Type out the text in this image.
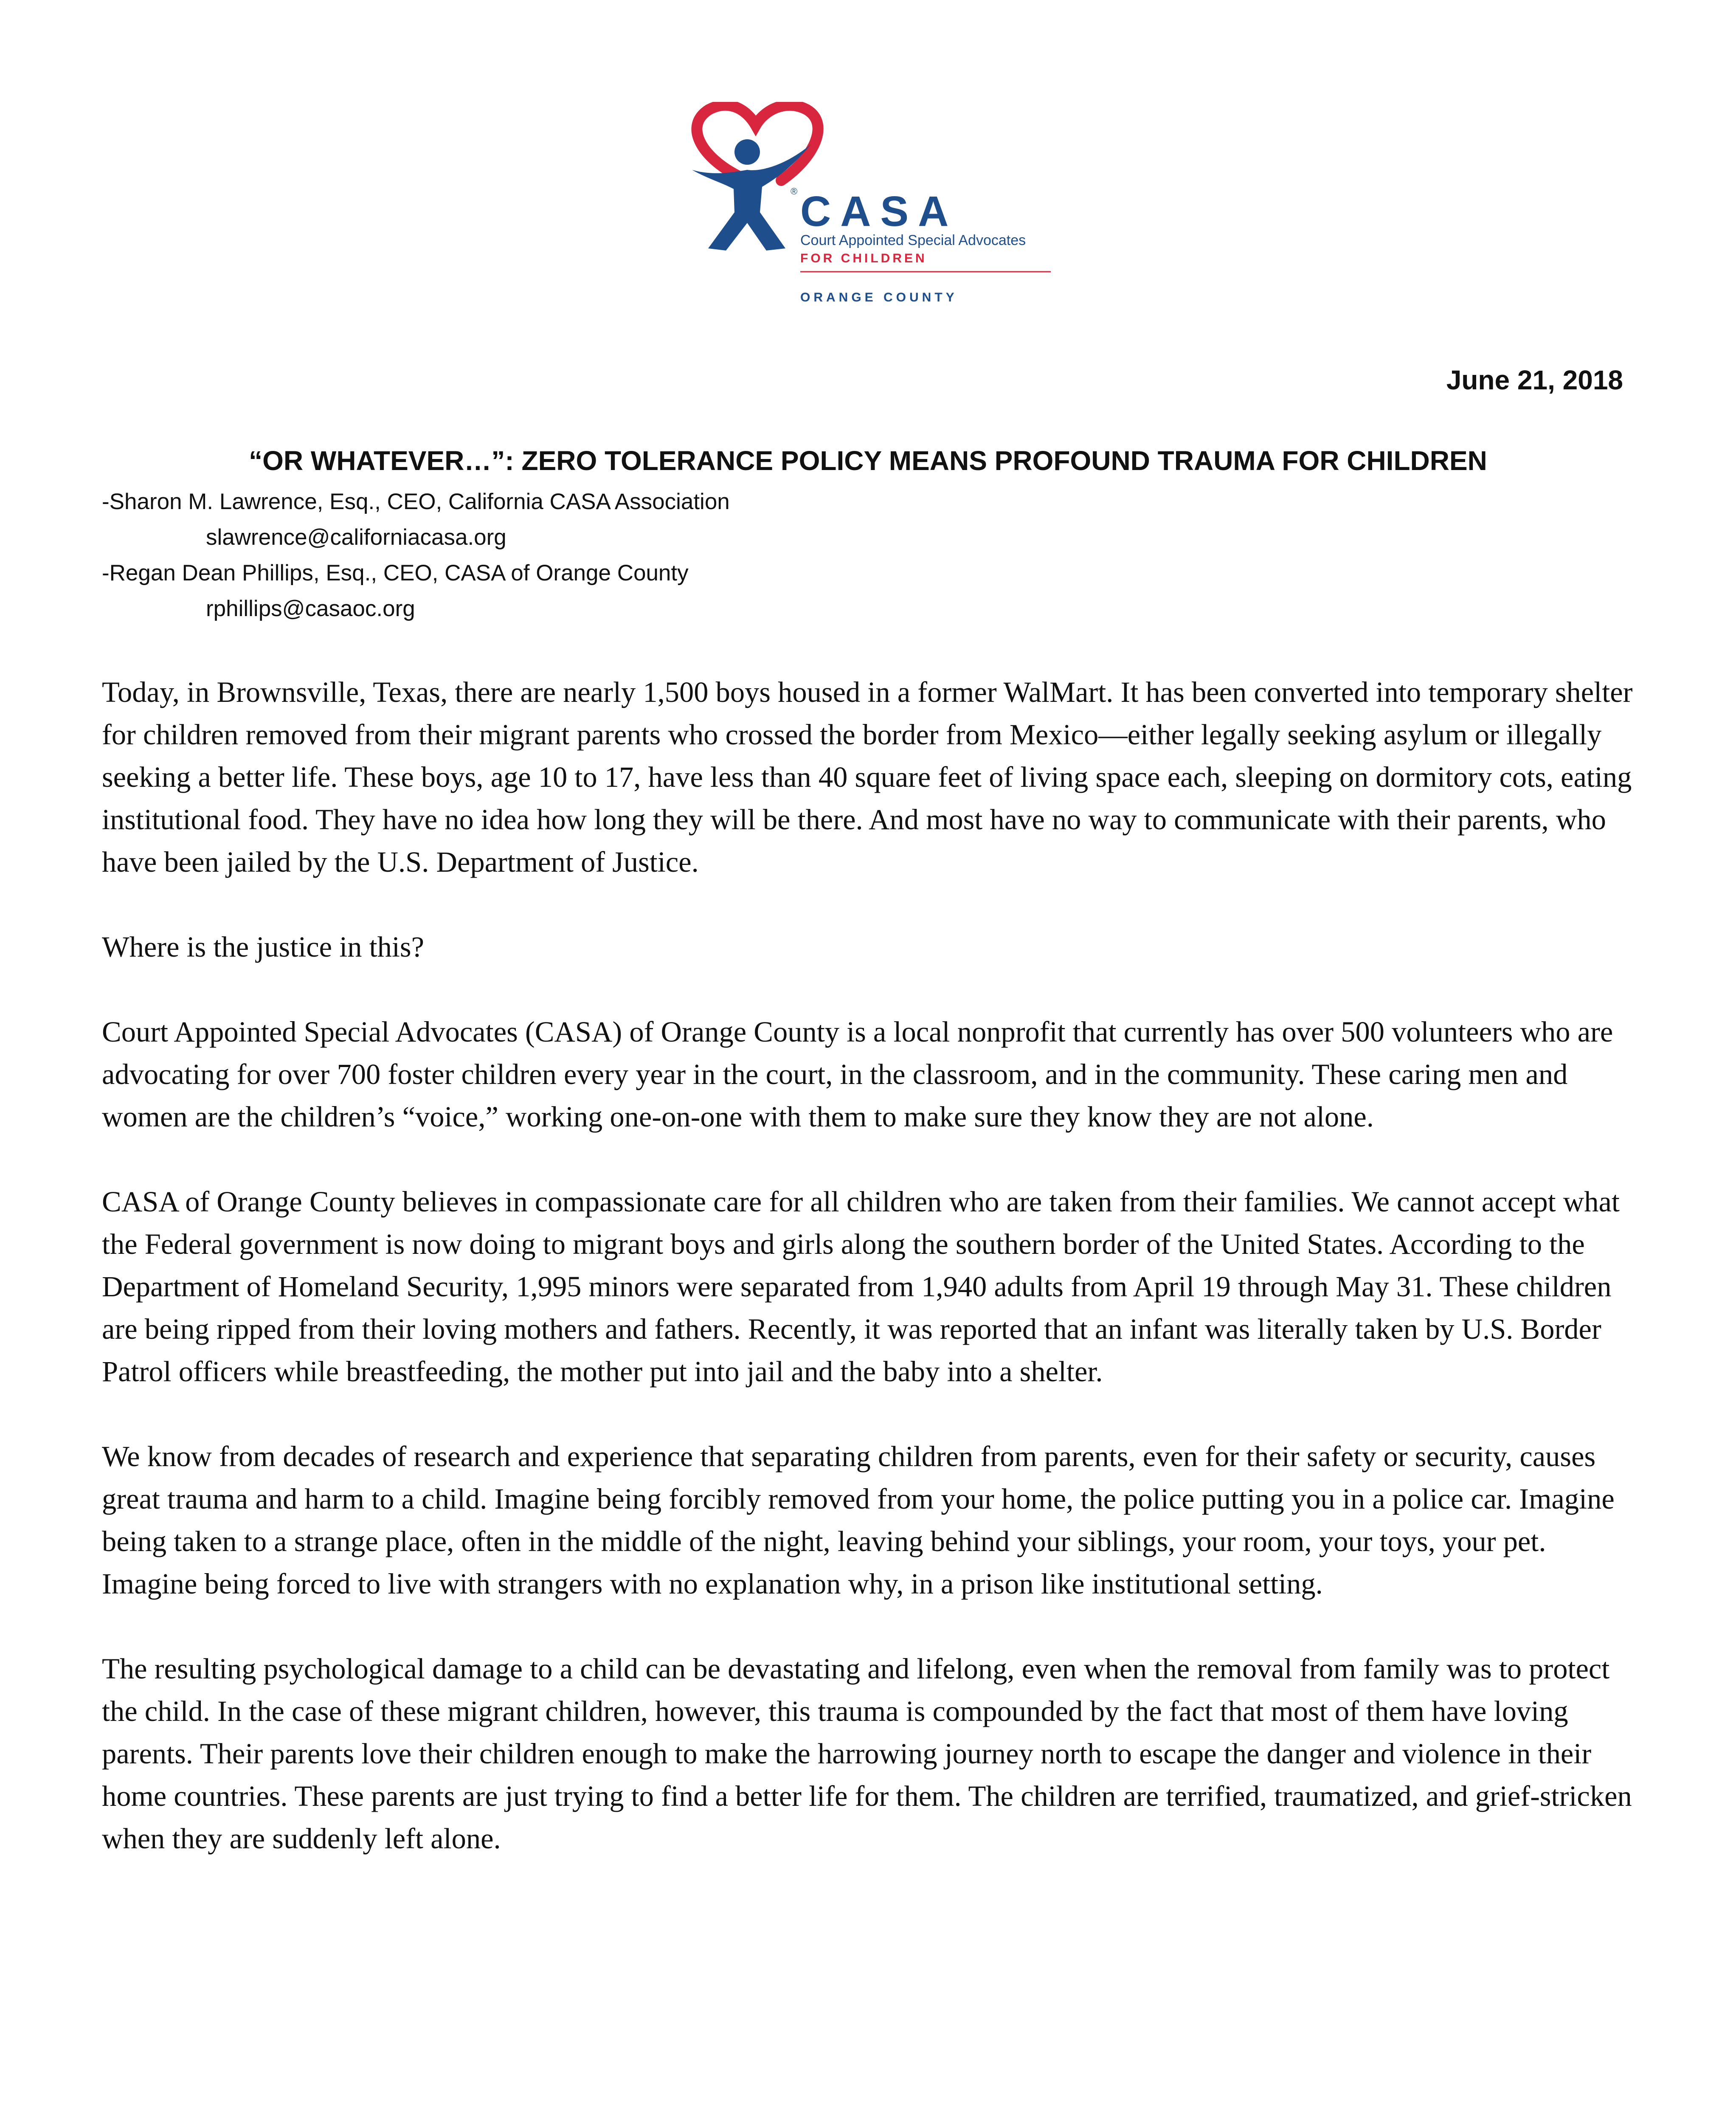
® CASA
Court Appointed Special Advocates
FOR CHILDREN
ORANGE COUNTY
June 21, 2018
“OR WHATEVER…”: ZERO TOLERANCE POLICY MEANS PROFOUND TRAUMA FOR CHILDREN
-Sharon M. Lawrence, Esq., CEO, California CASA Association
slawrence@californiacasa.org
-Regan Dean Phillips, Esq., CEO, CASA of Orange County
rphillips@casaoc.org

Today, in Brownsville, Texas, there are nearly 1,500 boys housed in a former WalMart. It has been converted into temporary shelter for children removed from their migrant parents who crossed the border from Mexico—either legally seeking asylum or illegally seeking a better life. These boys, age 10 to 17, have less than 40 square feet of living space each, sleeping on dormitory cots, eating institutional food. They have no idea how long they will be there. And most have no way to communicate with their parents, who have been jailed by the U.S. Department of Justice.

Where is the justice in this?

Court Appointed Special Advocates (CASA) of Orange County is a local nonprofit that currently has over 500 volunteers who are advocating for over 700 foster children every year in the court, in the classroom, and in the community. These caring men and women are the children’s “voice,” working one-on-one with them to make sure they know they are not alone.

CASA of Orange County believes in compassionate care for all children who are taken from their families. We cannot accept what the Federal government is now doing to migrant boys and girls along the southern border of the United States. According to the Department of Homeland Security, 1,995 minors were separated from 1,940 adults from April 19 through May 31. These children are being ripped from their loving mothers and fathers. Recently, it was reported that an infant was literally taken by U.S. Border Patrol officers while breastfeeding, the mother put into jail and the baby into a shelter.

We know from decades of research and experience that separating children from parents, even for their safety or security, causes great trauma and harm to a child. Imagine being forcibly removed from your home, the police putting you in a police car. Imagine being taken to a strange place, often in the middle of the night, leaving behind your siblings, your room, your toys, your pet. Imagine being forced to live with strangers with no explanation why, in a prison like institutional setting.

The resulting psychological damage to a child can be devastating and lifelong, even when the removal from family was to protect the child. In the case of these migrant children, however, this trauma is compounded by the fact that most of them have loving parents. Their parents love their children enough to make the harrowing journey north to escape the danger and violence in their home countries. These parents are just trying to find a better life for them. The children are terrified, traumatized, and grief-stricken when they are suddenly left alone.
